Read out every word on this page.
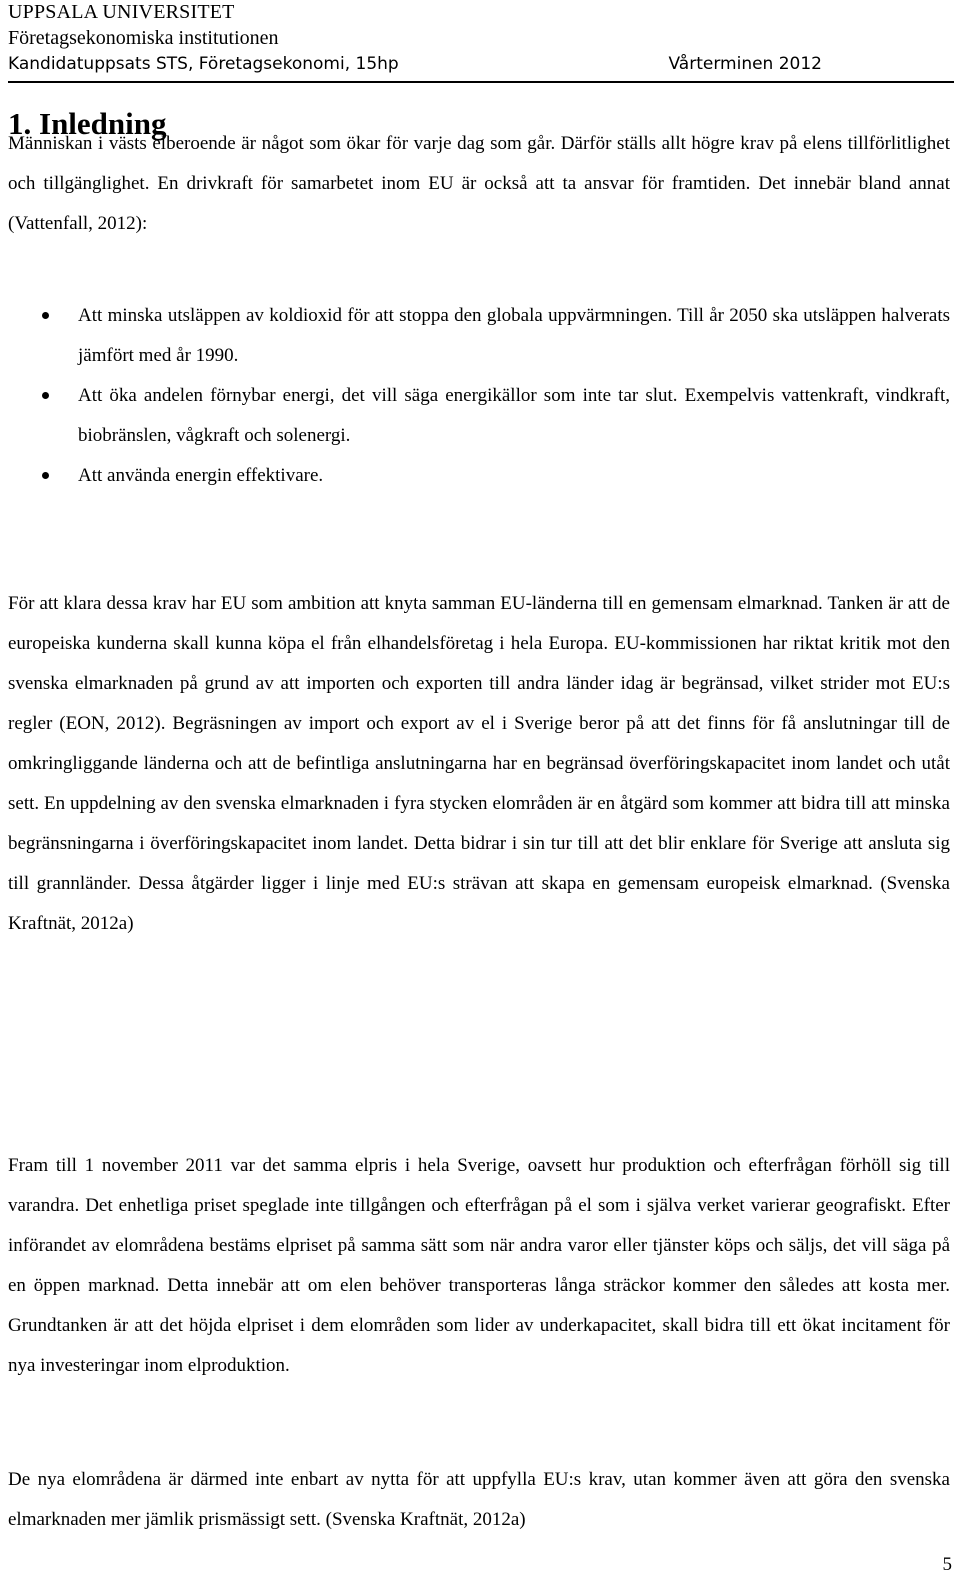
UPPSALA UNIVERSITET
Företagsekonomiska institutionen
Kandidatuppsats STS, Företagsekonomi, 15hp	Vårterminen 2012
1. Inledning

Människan i västs elberoende är något som ökar för varje dag som går. Därför ställs allt högre krav på elens tillförlitlighet och tillgänglighet. En drivkraft för samarbetet inom EU är också att ta ansvar för framtiden. Det innebär bland annat (Vattenfall, 2012):

Att minska utsläppen av koldioxid för att stoppa den globala uppvärmningen. Till år 2050 ska utsläppen halverats jämfört med år 1990.
Att öka andelen förnybar energi, det vill säga energikällor som inte tar slut. Exempelvis vattenkraft, vindkraft, biobränslen, vågkraft och solenergi.
Att använda energin effektivare.

För att klara dessa krav har EU som ambition att knyta samman EU-länderna till en gemensam elmarknad. Tanken är att de europeiska kunderna skall kunna köpa el från elhandelsföretag i hela Europa. EU-kommissionen har riktat kritik mot den svenska elmarknaden på grund av att importen och exporten till andra länder idag är begränsad, vilket strider mot EU:s regler (EON, 2012). Begräsningen av import och export av el i Sverige beror på att det finns för få anslutningar till de omkringliggande länderna och att de befintliga anslutningarna har en begränsad överföringskapacitet inom landet och utåt sett. En uppdelning av den svenska elmarknaden i fyra stycken elområden är en åtgärd som kommer att bidra till att minska begränsningarna i överföringskapacitet inom landet. Detta bidrar i sin tur till att det blir enklare för Sverige att ansluta sig till grannländer. Dessa åtgärder ligger i linje med EU:s strävan att skapa en gemensam europeisk elmarknad. (Svenska Kraftnät, 2012a)

Fram till 1 november 2011 var det samma elpris i hela Sverige, oavsett hur produktion och efterfrågan förhöll sig till varandra. Det enhetliga priset speglade inte tillgången och efterfrågan på el som i själva verket varierar geografiskt. Efter införandet av elområdena bestäms elpriset på samma sätt som när andra varor eller tjänster köps och säljs, det vill säga på en öppen marknad. Detta innebär att om elen behöver transporteras långa sträckor kommer den således att kosta mer. Grundtanken är att det höjda elpriset i dem elområden som lider av underkapacitet, skall bidra till ett ökat incitament för nya investeringar inom elproduktion.

De nya elområdena är därmed inte enbart av nytta för att uppfylla EU:s krav, utan kommer även att göra den svenska elmarknaden mer jämlik prismässigt sett. (Svenska Kraftnät, 2012a)

5
